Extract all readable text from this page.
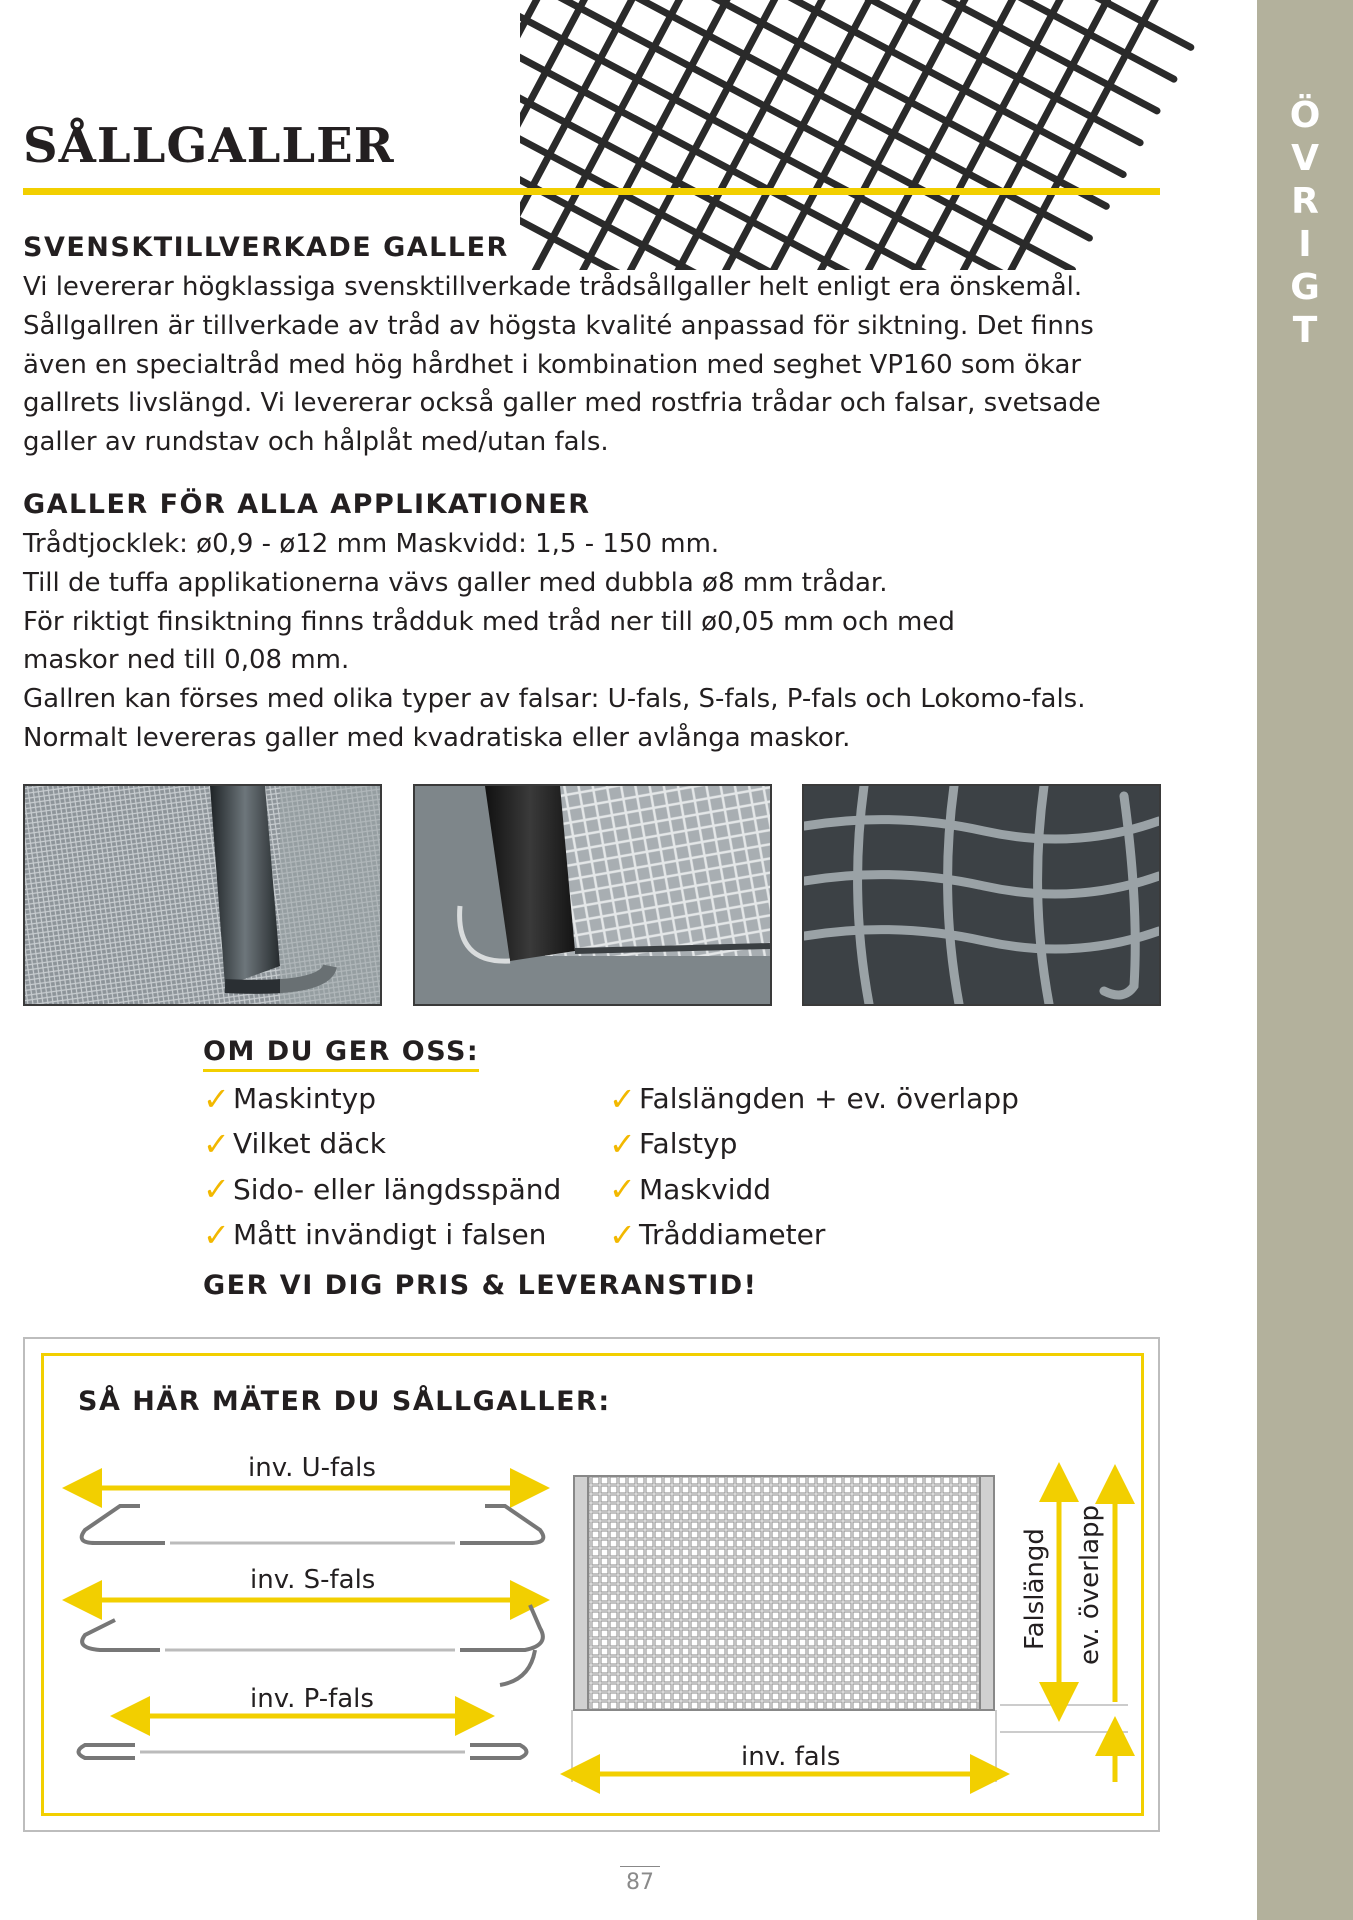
Ö
V
R
I
G
T
SÅLLGALLER
SVENSKTILLVERKADE GALLER
Vi levererar högklassiga svensktillverkade trådsållgaller helt enligt era önskemål.
Sållgallren är tillverkade av tråd av högsta kvalité anpassad för siktning. Det finns
även en specialtråd med hög hårdhet i kombination med seghet VP160 som ökar
gallrets livslängd. Vi levererar också galler med rostfria trådar och falsar, svetsade
galler av rundstav och hålplåt med/utan fals.
GALLER FÖR ALLA APPLIKATIONER
Trådtjocklek: ø0,9 - ø12 mm Maskvidd: 1,5 - 150 mm.
Till de tuffa applikationerna vävs galler med dubbla ø8 mm trådar.
För riktigt finsiktning finns trådduk med tråd ner till ø0,05 mm och med
maskor ned till 0,08 mm.
Gallren kan förses med olika typer av falsar: U-fals, S-fals, P-fals och Lokomo-fals.
Normalt levereras galler med kvadratiska eller avlånga maskor.
OM DU GER OSS:
✓ Maskintyp
✓ Vilket däck
✓ Sido- eller längdsspänd
✓ Mått invändigt i falsen
✓ Falslängden + ev. överlapp
✓ Falstyp
✓ Maskvidd
✓ Tråddiameter
GER VI DIG PRIS & LEVERANSTID!
SÅ HÄR MÄTER DU SÅLLGALLER:
inv. U-fals
inv. S-fals
inv. P-fals
inv. fals
Falslängd ev. överlapp
87
